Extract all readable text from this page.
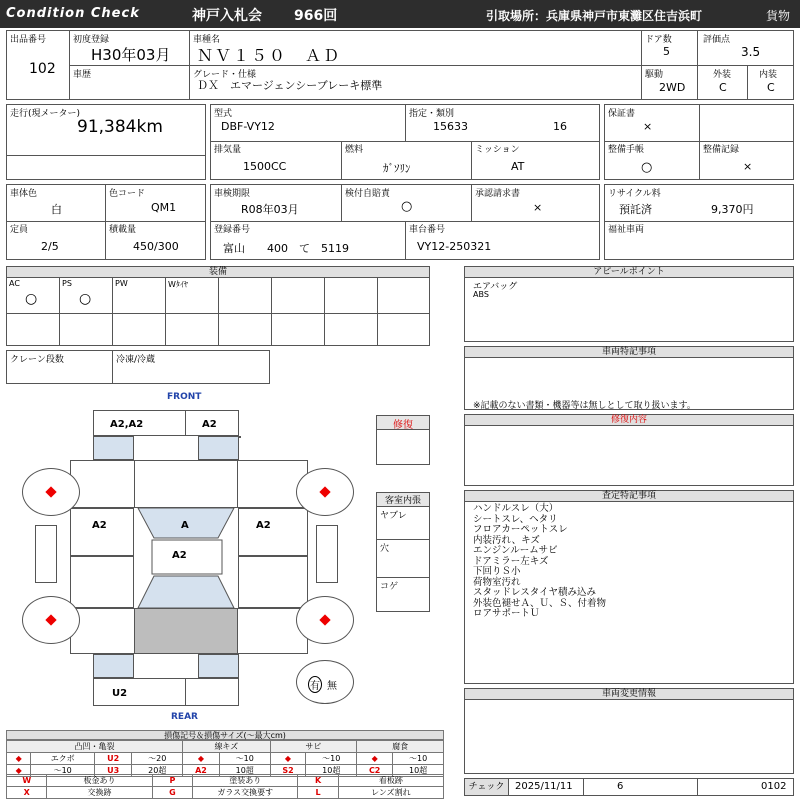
Condition Check	神戸入札会 966回	引取場所：兵庫県神戸市東灘区住吉浜町	貨物
出品番号
102
初度登録
H30年03月
車歴
車種名
ＮＶ１５０　ＡＤ
グレード・仕様
ＤＸ　エマージェンシーブレーキ標準
ドア数
5
駆動
2WD
評価点
3.5
外装
C
内装
C
走行(現メーター)
91,384km
型式
DBF-VY12
指定・類別
15633	16
排気量
1500CC
燃料
ｶﾞｿﾘﾝ
ミッション
AT
保証書
×
整備手帳
○
整備記録
×
車体色
白
色コード
QM1
定員
2/5
積載量
450/300
車検期限
R08年03月
検付自賠責
○
承認請求書
×
登録番号
富山　　400　て　5119
車台番号
VY12-250321
リサイクル料
預託済	9,370円
福祉車両
装備
AC
○
PS
○
PW	Wﾀｲﾔ
クレーン段数	冷凍/冷蔵
FRONT
A2,A2	A2
A2	A2
A
A2
U2
有 無
REAR
修復
客室内張
ヤブレ
穴
コゲ
アピールポイント
エアバッグ
ABS
車両特記事項
※記載のない書類・機器等は無しとして取り扱います。
修復内容
査定特記事項
ハンドルスレ（大）
シートスレ、ヘタリ
フロアカーペットスレ
内装汚れ、キズ
エンジンルームサビ
ドアミラー左キズ
下回りＳ小
荷物室汚れ
スタッドレスタイヤ積み込み
外装色褪せＡ、Ｕ、Ｓ、付着物
ロアサポートＵ
車両変更情報
チェック	2025/11/11	6	0102
損傷記号＆損傷サイズ(〜最大cm)
凸凹・亀裂				線キズ		サビ		腐食	
◆	エクボ	U2	〜20	◆	〜10	◆	〜10	◆	〜10
◆	〜10	U3	20超	A2	10超	S2	10超	C2	10超
W	板金あり	P	塗装あり	K	看板跡
X	交換跡	G	ガラス交換要す	L	レンズ割れ
